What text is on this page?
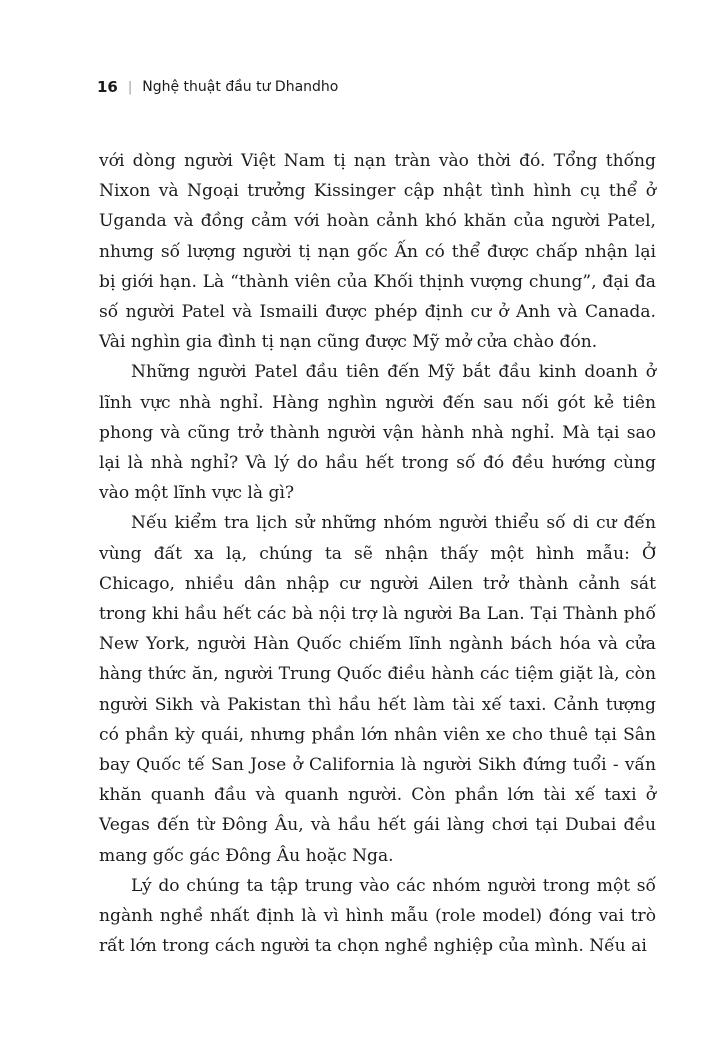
16 | Nghệ thuật đầu tư Dhandho

với dòng người Việt Nam tị nạn tràn vào thời đó. Tổng thống Nixon và Ngoại trưởng Kissinger cập nhật tình hình cụ thể ở Uganda và đồng cảm với hoàn cảnh khó khăn của người Patel, nhưng số lượng người tị nạn gốc Ấn có thể được chấp nhận lại bị giới hạn. Là “thành viên của Khối thịnh vượng chung”, đại đa số người Patel và Ismaili được phép định cư ở Anh và Canada. Vài nghìn gia đình tị nạn cũng được Mỹ mở cửa chào đón.

Những người Patel đầu tiên đến Mỹ bắt đầu kinh doanh ở lĩnh vực nhà nghỉ. Hàng nghìn người đến sau nối gót kẻ tiên phong và cũng trở thành người vận hành nhà nghỉ. Mà tại sao lại là nhà nghỉ? Và lý do hầu hết trong số đó đều hướng cùng vào một lĩnh vực là gì?

Nếu kiểm tra lịch sử những nhóm người thiểu số di cư đến vùng đất xa lạ, chúng ta sẽ nhận thấy một hình mẫu: Ở Chicago, nhiều dân nhập cư người Ailen trở thành cảnh sát trong khi hầu hết các bà nội trợ là người Ba Lan. Tại Thành phố New York, người Hàn Quốc chiếm lĩnh ngành bách hóa và cửa hàng thức ăn, người Trung Quốc điều hành các tiệm giặt là, còn người Sikh và Pakistan thì hầu hết làm tài xế taxi. Cảnh tượng có phần kỳ quái, nhưng phần lớn nhân viên xe cho thuê tại Sân bay Quốc tế San Jose ở California là người Sikh đứng tuổi - vấn khăn quanh đầu và quanh người. Còn phần lớn tài xế taxi ở Vegas đến từ Đông Âu, và hầu hết gái làng chơi tại Dubai đều mang gốc gác Đông Âu hoặc Nga.

Lý do chúng ta tập trung vào các nhóm người trong một số ngành nghề nhất định là vì hình mẫu (role model) đóng vai trò rất lớn trong cách người ta chọn nghề nghiệp của mình. Nếu ai
